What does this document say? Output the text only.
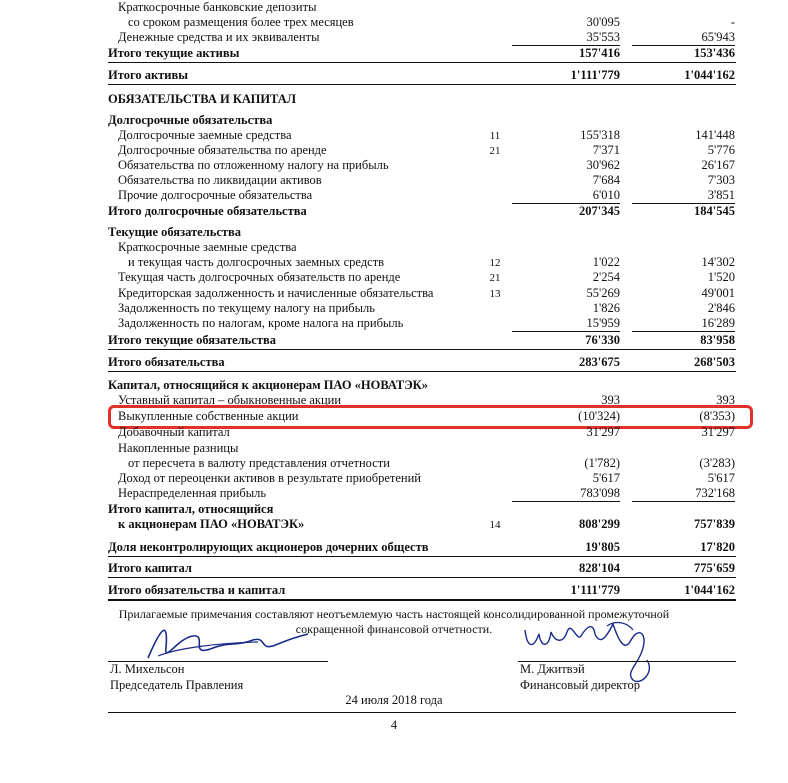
Краткосрочные банковские депозиты
со сроком размещения более трех месяцев	30'095	-
Денежные средства и их эквиваленты	35'553	65'943
Итого текущие активы	157'416	153'436
Итого активы	1'111'779	1'044'162
ОБЯЗАТЕЛЬСТВА И КАПИТАЛ
Долгосрочные обязательства
Долгосрочные заемные средства	11	155'318	141'448
Долгосрочные обязательства по аренде	21	7'371	5'776
Обязательства по отложенному налогу на прибыль	30'962	26'167
Обязательства по ликвидации активов	7'684	7'303
Прочие долгосрочные обязательства	6'010	3'851
Итого долгосрочные обязательства	207'345	184'545
Текущие обязательства
Краткосрочные заемные средства
и текущая часть долгосрочных заемных средств	12	1'022	14'302
Текущая часть долгосрочных обязательств по аренде	21	2'254	1'520
Кредиторская задолженность и начисленные обязательства	13	55'269	49'001
Задолженность по текущему налогу на прибыль	1'826	2'846
Задолженность по налогам, кроме налога на прибыль	15'959	16'289
Итого текущие обязательства	76'330	83'958
Итого обязательства	283'675	268'503
Капитал, относящийся к акционерам ПАО «НОВАТЭК»
Уставный капитал – обыкновенные акции	393	393
Выкупленные собственные акции	(10'324)	(8'353)
Добавочный капитал	31'297	31'297
Накопленные разницы
от пересчета в валюту представления отчетности	(1'782)	(3'283)
Доход от переоценки активов в результате приобретений	5'617	5'617
Нераспределенная прибыль	783'098	732'168
Итого капитал, относящийся
к акционерам ПАО «НОВАТЭК»	14	808'299	757'839
Доля неконтролирующих акционеров дочерних обществ	19'805	17'820
Итого капитал	828'104	775'659
Итого обязательства и капитал	1'111'779	1'044'162
Прилагаемые примечания составляют неотъемлемую часть настоящей консолидированной промежуточной
сокращенной финансовой отчетности.
Л. Михельсон
Председатель Правления
М. Джитвэй
Финансовый директор
24 июля 2018 года
4
